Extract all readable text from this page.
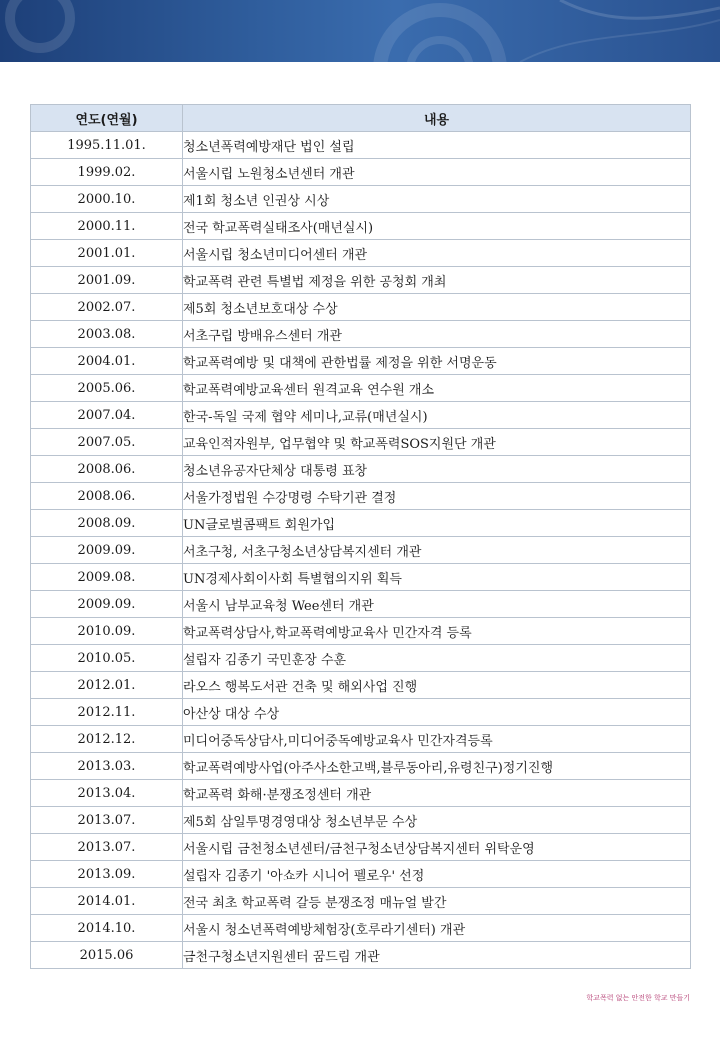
연도(연월)	내용
1995.11.01.	청소년폭력예방재단 법인 설립
1999.02.	서울시립 노원청소년센터 개관
2000.10.	제1회 청소년 인권상 시상
2000.11.	전국 학교폭력실태조사(매년실시)
2001.01.	서울시립 청소년미디어센터 개관
2001.09.	학교폭력 관련 특별법 제정을 위한 공청회 개최
2002.07.	제5회 청소년보호대상 수상
2003.08.	서초구립 방배유스센터 개관
2004.01.	학교폭력예방 및 대책에 관한법률 제정을 위한 서명운동
2005.06.	학교폭력예방교육센터 원격교육 연수원 개소
2007.04.	한국-독일 국제 협약 세미나,교류(매년실시)
2007.05.	교육인적자원부, 업무협약 및 학교폭력SOS지원단 개관
2008.06.	청소년유공자단체상 대통령 표창
2008.06.	서울가정법원 수강명령 수탁기관 결정
2008.09.	UN글로벌콤팩트 회원가입
2009.09.	서초구청, 서초구청소년상담복지센터 개관
2009.08.	UN경제사회이사회 특별협의지위 획득
2009.09.	서울시 남부교육청 Wee센터 개관
2010.09.	학교폭력상담사,학교폭력예방교육사 민간자격 등록
2010.05.	설립자 김종기 국민훈장 수훈
2012.01.	라오스 행복도서관 건축 및 해외사업 진행
2012.11.	아산상 대상 수상
2012.12.	미디어중독상담사,미디어중독예방교육사 민간자격등록
2013.03.	학교폭력예방사업(아주사소한고백,블루동아리,유령친구)정기진행
2013.04.	학교폭력 화해·분쟁조정센터 개관
2013.07.	제5회 삼일투명경영대상 청소년부문 수상
2013.07.	서울시립 금천청소년센터/금천구청소년상담복지센터 위탁운영
2013.09.	설립자 김종기 '아쇼카 시니어 펠로우' 선정
2014.01.	전국 최초 학교폭력 갈등 분쟁조정 매뉴얼 발간
2014.10.	서울시 청소년폭력예방체험장(호루라기센터) 개관
2015.06	금천구청소년지원센터 꿈드림 개관
학교폭력 없는 안전한 학교 만들기
